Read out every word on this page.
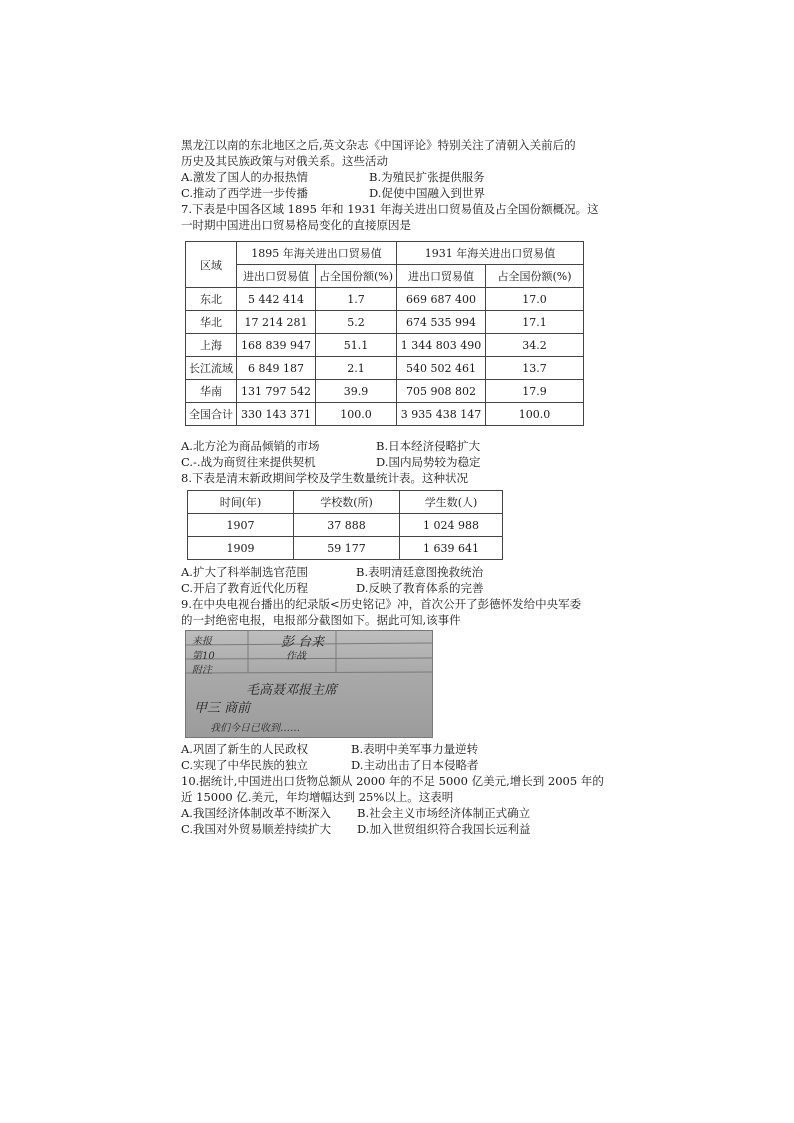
黑龙江以南的东北地区之后,英文杂志《中国评论》特别关注了清朝入关前后的
历史及其民族政策与对俄关系。这些活动
A.激发了国人的办报热情	B.为殖民扩张提供服务
C.推动了西学进一步传播	D.促使中国融入到世界
7.下表是中国各区域 1895 年和 1931 年海关进出口贸易值及占全国份额概况。这
一时期中国进出口贸易格局变化的直接原因是
区域	1895 年海关进出口贸易值		1931 年海关进出口贸易值	
	进出口贸易值	占全国份额(%)	进出口贸易值	占全国份额(%)
东北	5 442 414	1.7	669 687 400	17.0
华北	17 214 281	5.2	674 535 994	17.1
上海	168 839 947	51.1	1 344 803 490	34.2
长江流域	6 849 187	2.1	540 502 461	13.7
华南	131 797 542	39.9	705 908 802	17.9
全国合计	330 143 371	100.0	3 935 438 147	100.0
A.北方沦为商品倾销的市场	B.日本经济侵略扩大
C.-.战为商贸往来提供契机	D.国内局势较为稳定
8.下表是清末新政期间学校及学生数量统计表。这种状况
时间(年)	学校数(所)	学生数(人)
1907	37 888	1 024 988
1909	59 177	1 639 641
A.扩大了科举制选官范围	B.表明清廷意图挽救统治
C.开启了教育近代化历程	D.反映了教育体系的完善
9.在中央电视台播出的纪录版<历史铭记》冲，首次公开了彭德怀发给中央军委
的一封绝密电报，电报部分截图如下。据此可知,该事件
来报	彭 台来
第10	作战
附注
毛高聂邓报主席
甲三 商前
我们今日已收到……
A.巩固了新生的人民政权	B.表明中美军事力量逆转
C.实现了中华民族的独立	D.主动出击了日本侵略者
10.据统计,中国进出口货物总额从 2000 年的不足 5000 亿美元,增长到 2005 年的
近 15000 亿.美元，年均增幅达到 25%以上。这表明
A.我国经济体制改革不断深入 B.社会主义市场经济体制正式确立
C.我国对外贸易顺差持续扩大 D.加入世贸组织符合我国长远利益
